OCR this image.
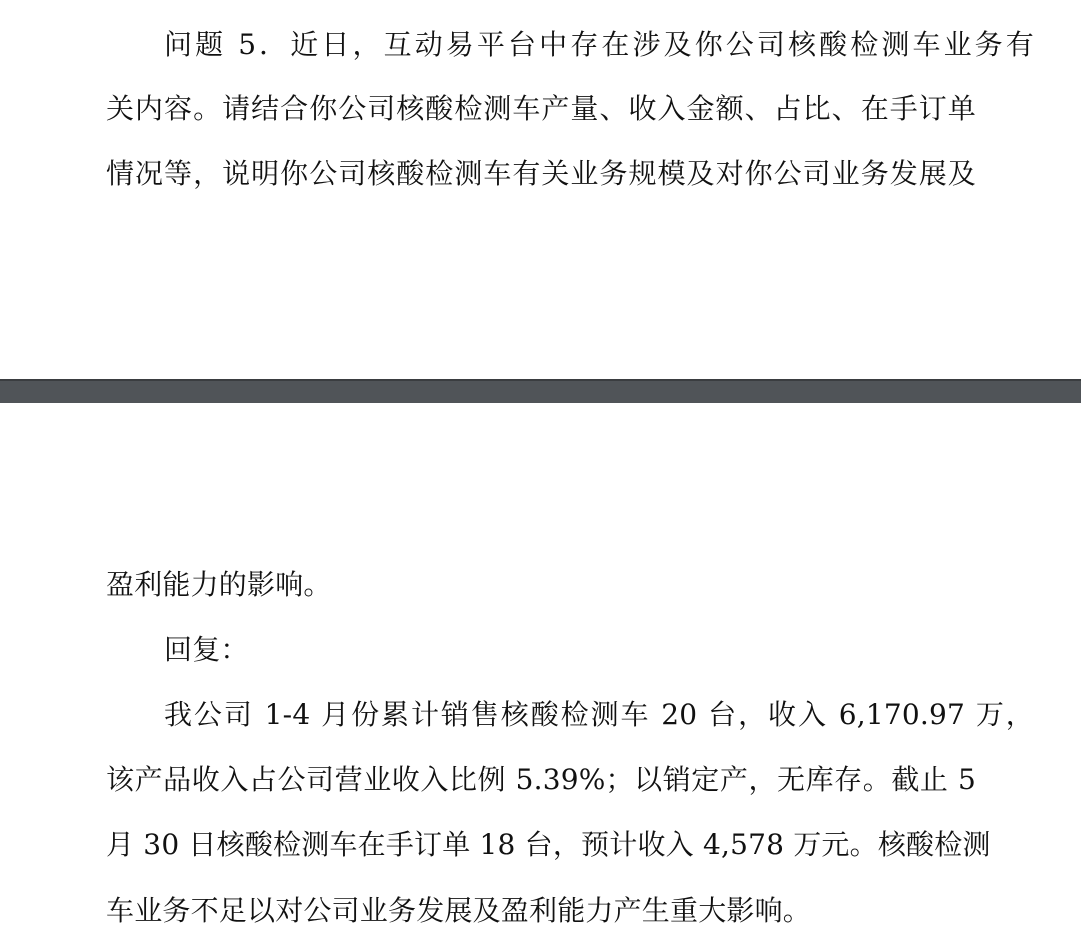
问题 5．近日，互动易平台中存在涉及你公司核酸检测车业务有
关内容。请结合你公司核酸检测车产量、收入金额、占比、在手订单
情况等，说明你公司核酸检测车有关业务规模及对你公司业务发展及
盈利能力的影响。
回复：
我公司 1-4 月份累计销售核酸检测车 20 台，收入 6,170.97 万，
该产品收入占公司营业收入比例 5.39%；以销定产，无库存。截止 5
月 30 日核酸检测车在手订单 18 台，预计收入 4,578 万元。核酸检测
车业务不足以对公司业务发展及盈利能力产生重大影响。
